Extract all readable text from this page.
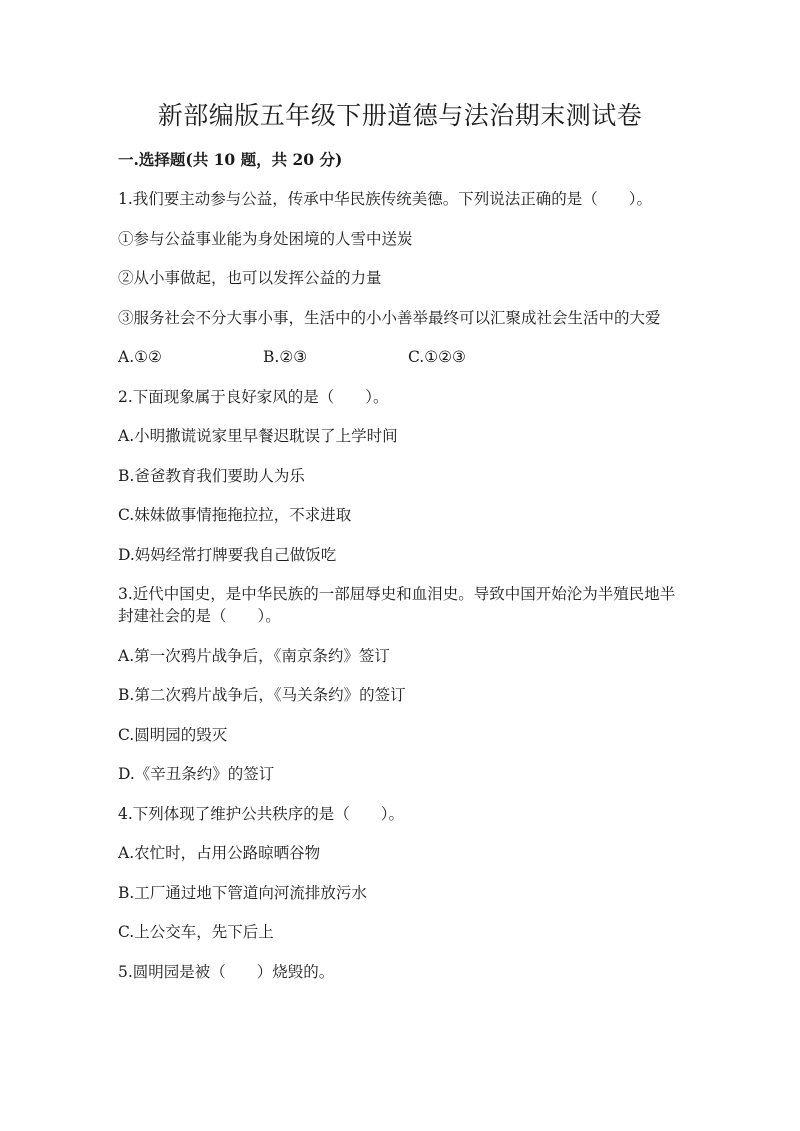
新部编版五年级下册道德与法治期末测试卷
一.选择题(共 10 题，共 20 分)

1.我们要主动参与公益，传承中华民族传统美德。下列说法正确的是（　　）。

①参与公益事业能为身处困境的人雪中送炭

②从小事做起，也可以发挥公益的力量

③服务社会不分大事小事，生活中的小小善举最终可以汇聚成社会生活中的大爱

A.①②	B.②③	C.①②③

2.下面现象属于良好家风的是（　　）。

A.小明撒谎说家里早餐迟耽误了上学时间

B.爸爸教育我们要助人为乐

C.妹妹做事情拖拖拉拉，不求进取

D.妈妈经常打牌要我自己做饭吃

3.近代中国史，是中华民族的一部屈辱史和血泪史。导致中国开始沦为半殖民地半封建社会的是（　　）。

A.第一次鸦片战争后，《南京条约》签订

B.第二次鸦片战争后，《马关条约》的签订

C.圆明园的毁灭

D.《辛丑条约》的签订

4.下列体现了维护公共秩序的是（　　）。

A.农忙时，占用公路晾晒谷物

B.工厂通过地下管道向河流排放污水

C.上公交车，先下后上

5.圆明园是被（　　）烧毁的。
